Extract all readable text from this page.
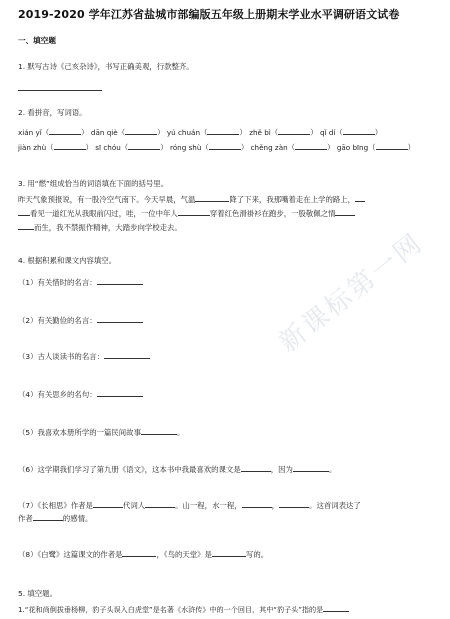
2019-2020 学年江苏省盐城市部编版五年级上册期末学业水平调研语文试卷
一、填空题
1. 默写古诗《己亥杂诗》，书写正确美观，行款整齐。
2. 看拼音，写词语。
xián yǐ（	） dān qiè（	） yú chuán（	） zhě bì（	） qǐ dí（	）
jiàn zhù（	） sī chóu（	） róng shù（	） chěng zàn（	） gāo bīng（	）
3. 用“燃”组成恰当的词语填在下面的括号里。
昨天气象预报说，有一股冷空气南下。今天早晨，气温	降了下来，我那嘴着走在上学的路上，
看见一道红光从我眼前闪过，哇，一位中年人	穿着红色滑褂衫在跑步，一股敬佩之情
而生，我不禁振作精神，大踏步向学校走去。
4. 根据积累和课文内容填空。
（1）有关惜时的名言：
（2）有关勤俭的名言：
（3）古人谈读书的名言：
（4）有关思乡的名句：
（5）我喜欢本册所学的一篇民间故事	。
（6）这学期我们学习了第九册《语文》，这本书中我最喜欢的课文是	，因为	。
（7）《长相思》作者是	代词人	。山一程，水一程，	，	。这首词表达了
作者	的感情。
（8）《白鹭》这篇课文的作者是	，《鸟的天堂》是	写的。
5. 填空题。
1.“花和尚倒拔垂杨柳，豹子头误入白虎堂”是名著《水浒传》中的一个回目，其中“豹子头”指的是
新课标第一网
